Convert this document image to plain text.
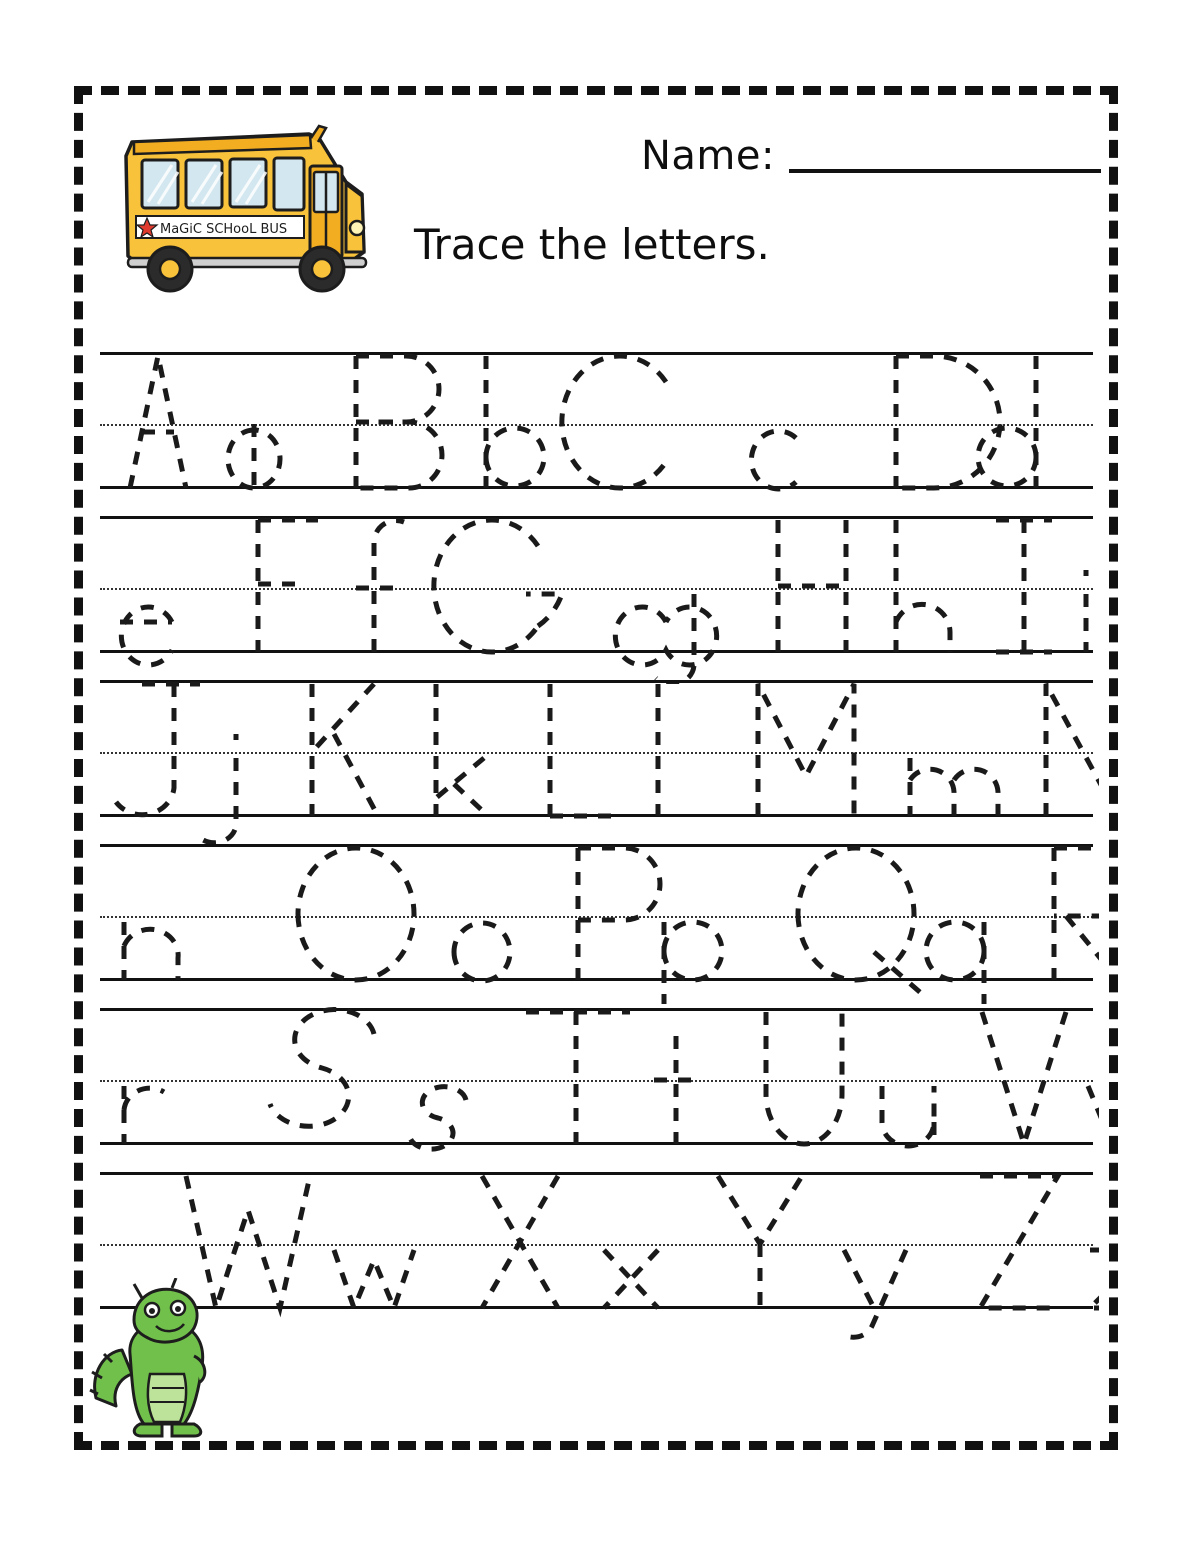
MaGiC SCHooL BUS
Name:
Trace the letters.
